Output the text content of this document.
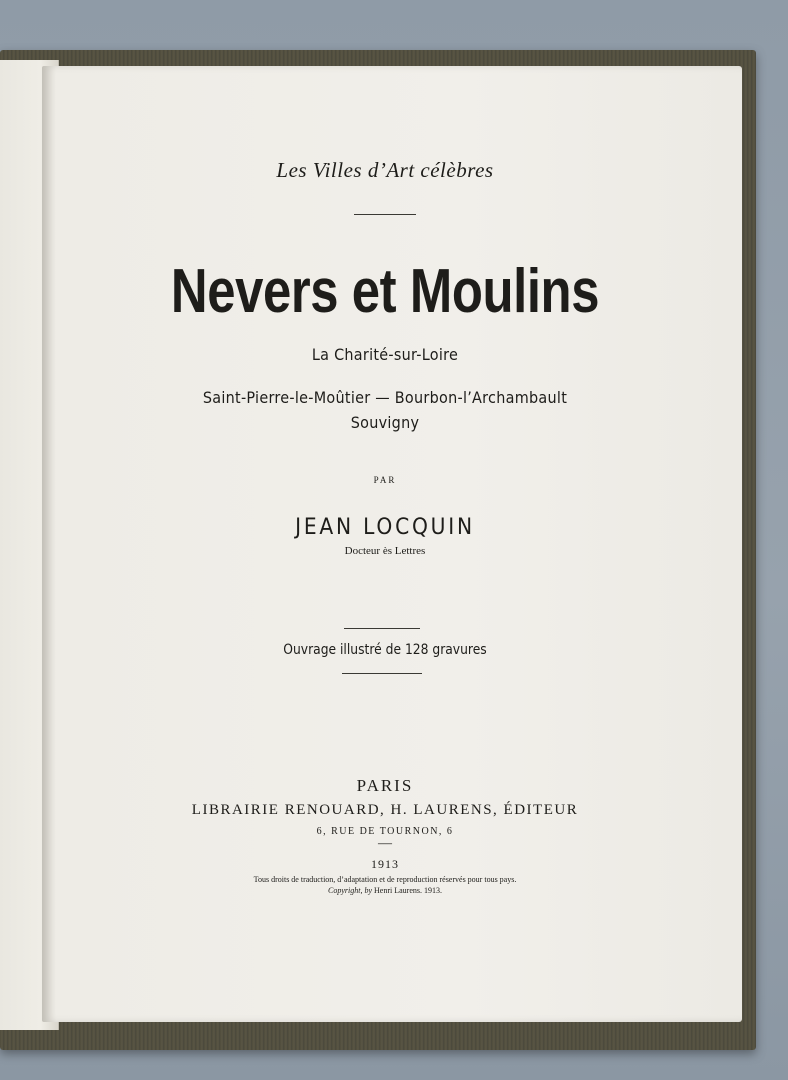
Les Villes d’Art célèbres
Nevers et Moulins
La Charité-sur-Loire
Saint-Pierre-le-Moûtier — Bourbon-l’Archambault
Souvigny
PAR
JEAN LOCQUIN
Docteur ès Lettres
Ouvrage illustré de 128 gravures
PARIS
LIBRAIRIE RENOUARD, H. LAURENS, ÉDITEUR
6, RUE DE TOURNON, 6
—
1913
Tous droits de traduction, d’adaptation et de reproduction réservés pour tous pays.
Copyright, by Henri Laurens. 1913.
